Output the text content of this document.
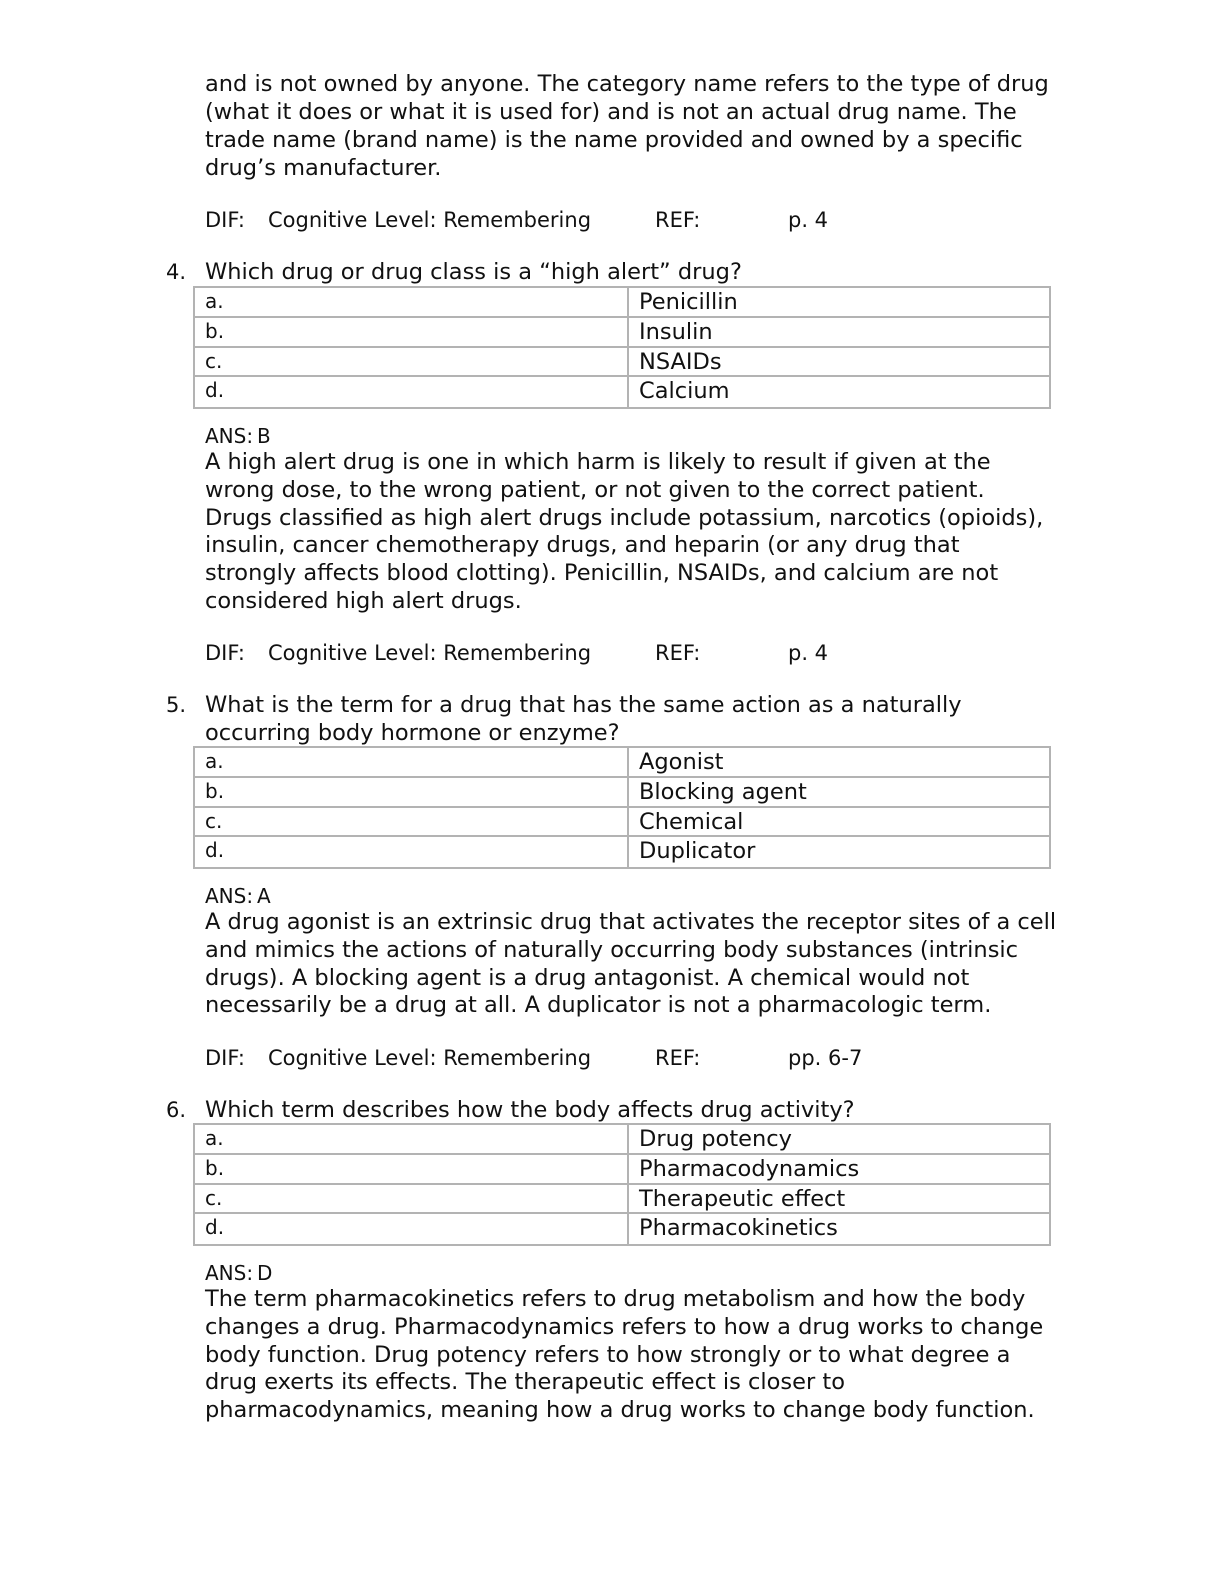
and is not owned by anyone. The category name refers to the type of drug
(what it does or what it is used for) and is not an actual drug name. The
trade name (brand name) is the name provided and owned by a specific
drug’s manufacturer.
DIF: Cognitive Level: Remembering	REF:	p. 4
4. Which drug or drug class is a “high alert” drug?
a.	Penicillin
b.	Insulin
c.	NSAIDs
d.	Calcium
ANS: B
A high alert drug is one in which harm is likely to result if given at the
wrong dose, to the wrong patient, or not given to the correct patient.
Drugs classified as high alert drugs include potassium, narcotics (opioids),
insulin, cancer chemotherapy drugs, and heparin (or any drug that
strongly affects blood clotting). Penicillin, NSAIDs, and calcium are not
considered high alert drugs.
DIF: Cognitive Level: Remembering	REF:	p. 4
5. What is the term for a drug that has the same action as a naturally
occurring body hormone or enzyme?
a.	Agonist
b.	Blocking agent
c.	Chemical
d.	Duplicator
ANS: A
A drug agonist is an extrinsic drug that activates the receptor sites of a cell
and mimics the actions of naturally occurring body substances (intrinsic
drugs). A blocking agent is a drug antagonist. A chemical would not
necessarily be a drug at all. A duplicator is not a pharmacologic term.
DIF: Cognitive Level: Remembering	REF:	pp. 6-7
6. Which term describes how the body affects drug activity?
a.	Drug potency
b.	Pharmacodynamics
c.	Therapeutic effect
d.	Pharmacokinetics
ANS: D
The term pharmacokinetics refers to drug metabolism and how the body
changes a drug. Pharmacodynamics refers to how a drug works to change
body function. Drug potency refers to how strongly or to what degree a
drug exerts its effects. The therapeutic effect is closer to
pharmacodynamics, meaning how a drug works to change body function.
